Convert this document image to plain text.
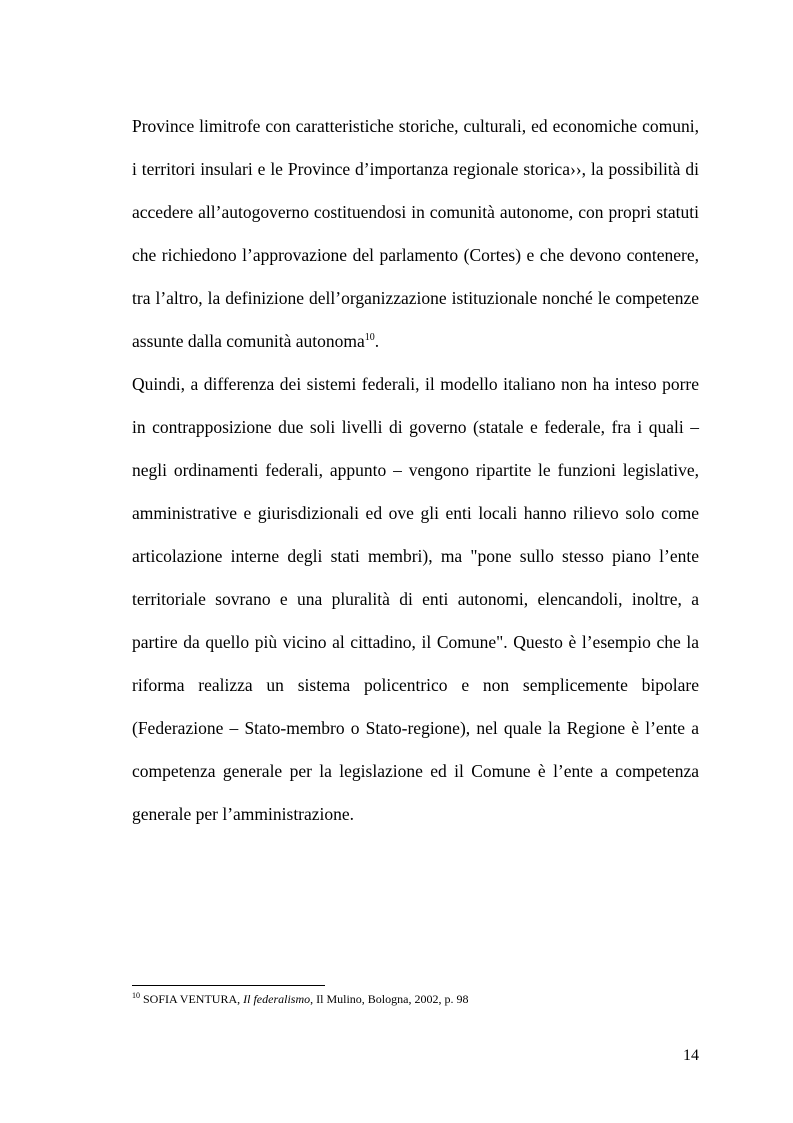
Province limitrofe con caratteristiche storiche, culturali, ed economiche comuni, i territori insulari e le Province d’importanza regionale storica››, la possibilità di accedere all’autogoverno costituendosi in comunità autonome, con propri statuti che richiedono l’approvazione del parlamento (Cortes) e che devono contenere, tra l’altro, la definizione dell’organizzazione istituzionale nonché le competenze assunte dalla comunità autonoma$^{10}$.

Quindi, a differenza dei sistemi federali, il modello italiano non ha inteso porre in contrapposizione due soli livelli di governo (statale e federale, fra i quali – negli ordinamenti federali, appunto – vengono ripartite le funzioni legislative, amministrative e giurisdizionali ed ove gli enti locali hanno rilievo solo come articolazione interne degli stati membri), ma "pone sullo stesso piano l’ente territoriale sovrano e una pluralità di enti autonomi, elencandoli, inoltre, a partire da quello più vicino al cittadino, il Comune". Questo è l’esempio che la riforma realizza un sistema policentrico e non semplicemente bipolare (Federazione – Stato-membro o Stato-regione), nel quale la Regione è l’ente a competenza generale per la legislazione ed il Comune è l’ente a competenza generale per l’amministrazione.

$^{10}$ SOFIA VENTURA, Il federalismo, Il Mulino, Bologna, 2002, p. 98
14
